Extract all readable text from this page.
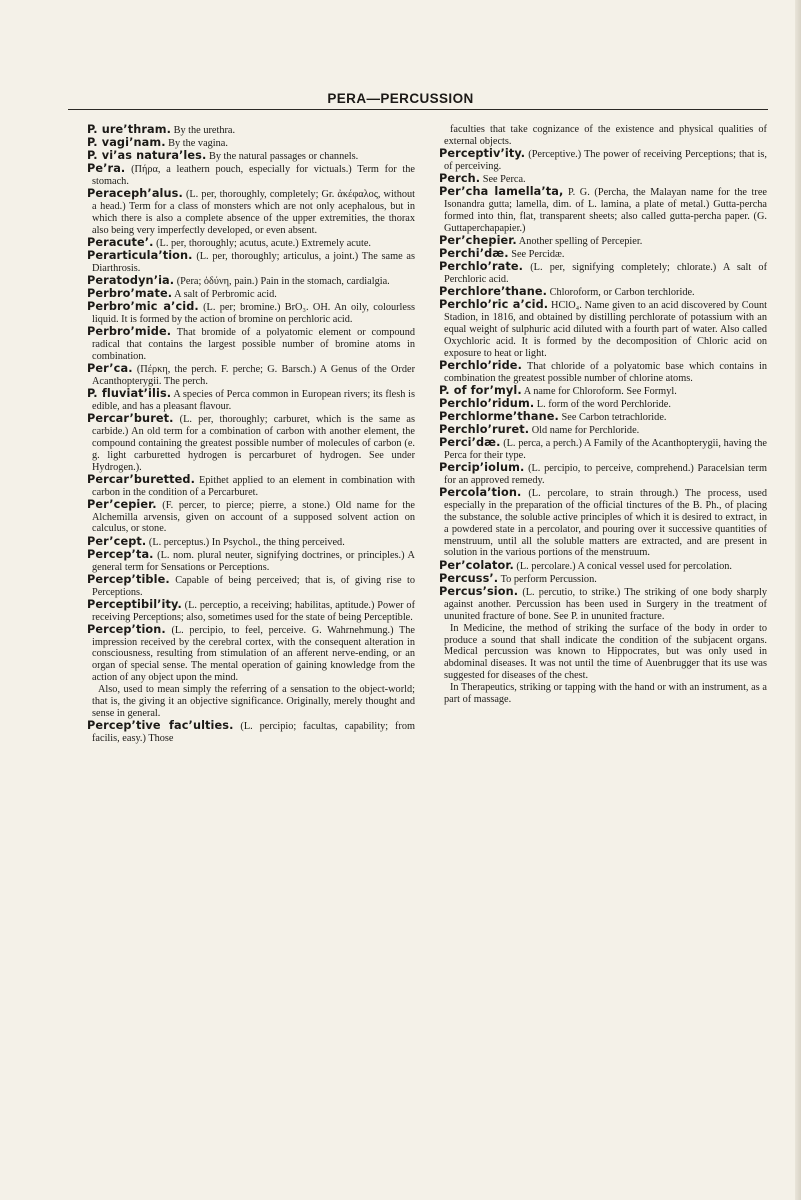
PERA—PERCUSSION

P. ure’thram. By the urethra.

P. vagi’nam. By the vagina.

P. vi’as natura’les. By the natural passages or channels.

Pe’ra. (Πήρα, a leathern pouch, especially for victuals.) Term for the stomach.

Peraceph’alus. (L. per, thoroughly, completely; Gr. ἀκέφαλος, without a head.) Term for a class of monsters which are not only acephalous, but in which there is also a complete absence of the upper extremities, the thorax also being very imperfectly developed, or even absent.

Peracute’. (L. per, thoroughly; acutus, acute.) Extremely acute.

Perarticula’tion. (L. per, thoroughly; articulus, a joint.) The same as Diarthrosis.

Peratodyn’ia. (Pera; ὀδύνη, pain.) Pain in the stomach, cardialgia.

Perbro’mate. A salt of Perbromic acid.

Perbro’mic a’cid. (L. per; bromine.) BrO₃. OH. An oily, colourless liquid. It is formed by the action of bromine on perchloric acid.

Perbro’mide. That bromide of a polyatomic element or compound radical that contains the largest possible number of bromine atoms in combination.

Per’ca. (Πέρκη, the perch. F. perche; G. Barsch.) A Genus of the Order Acanthopterygii. The perch.

P. fluviat’ilis. A species of Perca common in European rivers; its flesh is edible, and has a pleasant flavour.

Percar’buret. (L. per, thoroughly; carburet, which is the same as carbide.) An old term for a combination of carbon with another element, the compound containing the greatest possible number of molecules of carbon (e. g. light carburetted hydrogen is percarburet of hydrogen. See under Hydrogen.).

Percar’buretted. Epithet applied to an element in combination with carbon in the condition of a Percarburet.

Per’cepier. (F. percer, to pierce; pierre, a stone.) Old name for the Alchemilla arvensis, given on account of a supposed solvent action on calculus, or stone.

Per’cept. (L. perceptus.) In Psychol., the thing perceived.

Percep’ta. (L. nom. plural neuter, signifying doctrines, or principles.) A general term for Sensations or Perceptions.

Percep’tible. Capable of being perceived; that is, of giving rise to Perceptions.

Perceptibil’ity. (L. perceptio, a receiving; habilitas, aptitude.) Power of receiving Perceptions; also, sometimes used for the state of being Perceptible.

Percep’tion. (L. percipio, to feel, perceive. G. Wahrnehmung.) The impression received by the cerebral cortex, with the consequent alteration in consciousness, resulting from stimulation of an afferent nerve-ending, or an organ of special sense. The mental operation of gaining knowledge from the action of any object upon the mind.

Also, used to mean simply the referring of a sensation to the object-world; that is, the giving it an objective significance. Originally, merely thought and sense in general.

Percep’tive fac’ulties. (L. percipio; facultas, capability; from facilis, easy.) Those

faculties that take cognizance of the existence and physical qualities of external objects.

Perceptiv’ity. (Perceptive.) The power of receiving Perceptions; that is, of perceiving.

Perch. See Perca.

Per’cha lamella’ta, P. G. (Percha, the Malayan name for the tree Isonandra gutta; lamella, dim. of L. lamina, a plate of metal.) Gutta-percha formed into thin, flat, transparent sheets; also called gutta-percha paper. (G. Guttaperchapapier.)

Per’chepier. Another spelling of Percepier.

Perchi’dæ. See Percidæ.

Perchlo’rate. (L. per, signifying completely; chlorate.) A salt of Perchloric acid.

Perchlore’thane. Chloroform, or Carbon terchloride.

Perchlo’ric a’cid. HClO₄. Name given to an acid discovered by Count Stadion, in 1816, and obtained by distilling perchlorate of potassium with an equal weight of sulphuric acid diluted with a fourth part of water. Also called Oxychloric acid. It is formed by the decomposition of Chloric acid on exposure to heat or light.

Perchlo’ride. That chloride of a polyatomic base which contains in combination the greatest possible number of chlorine atoms.

P. of for’myl. A name for Chloroform. See Formyl.

Perchlo’ridum. L. form of the word Perchloride.

Perchlorme’thane. See Carbon tetrachloride.

Perchlo’ruret. Old name for Perchloride.

Perci’dæ. (L. perca, a perch.) A Family of the Acanthopterygii, having the Perca for their type.

Percip’iolum. (L. percipio, to perceive, comprehend.) Paracelsian term for an approved remedy.

Percola’tion. (L. percolare, to strain through.) The process, used especially in the preparation of the official tinctures of the B. Ph., of placing the substance, the soluble active principles of which it is desired to extract, in a powdered state in a percolator, and pouring over it successive quantities of menstruum, until all the soluble matters are extracted, and are present in solution in the various portions of the menstruum.

Per’colator. (L. percolare.) A conical vessel used for percolation.

Percuss’. To perform Percussion.

Percus’sion. (L. percutio, to strike.) The striking of one body sharply against another. Percussion has been used in Surgery in the treatment of ununited fracture of bone. See P. in ununited fracture.

In Medicine, the method of striking the surface of the body in order to produce a sound that shall indicate the condition of the subjacent organs. Medical percussion was known to Hippocrates, but was only used in abdominal diseases. It was not until the time of Auenbrugger that its use was suggested for diseases of the chest.

In Therapeutics, striking or tapping with the hand or with an instrument, as a part of massage.
